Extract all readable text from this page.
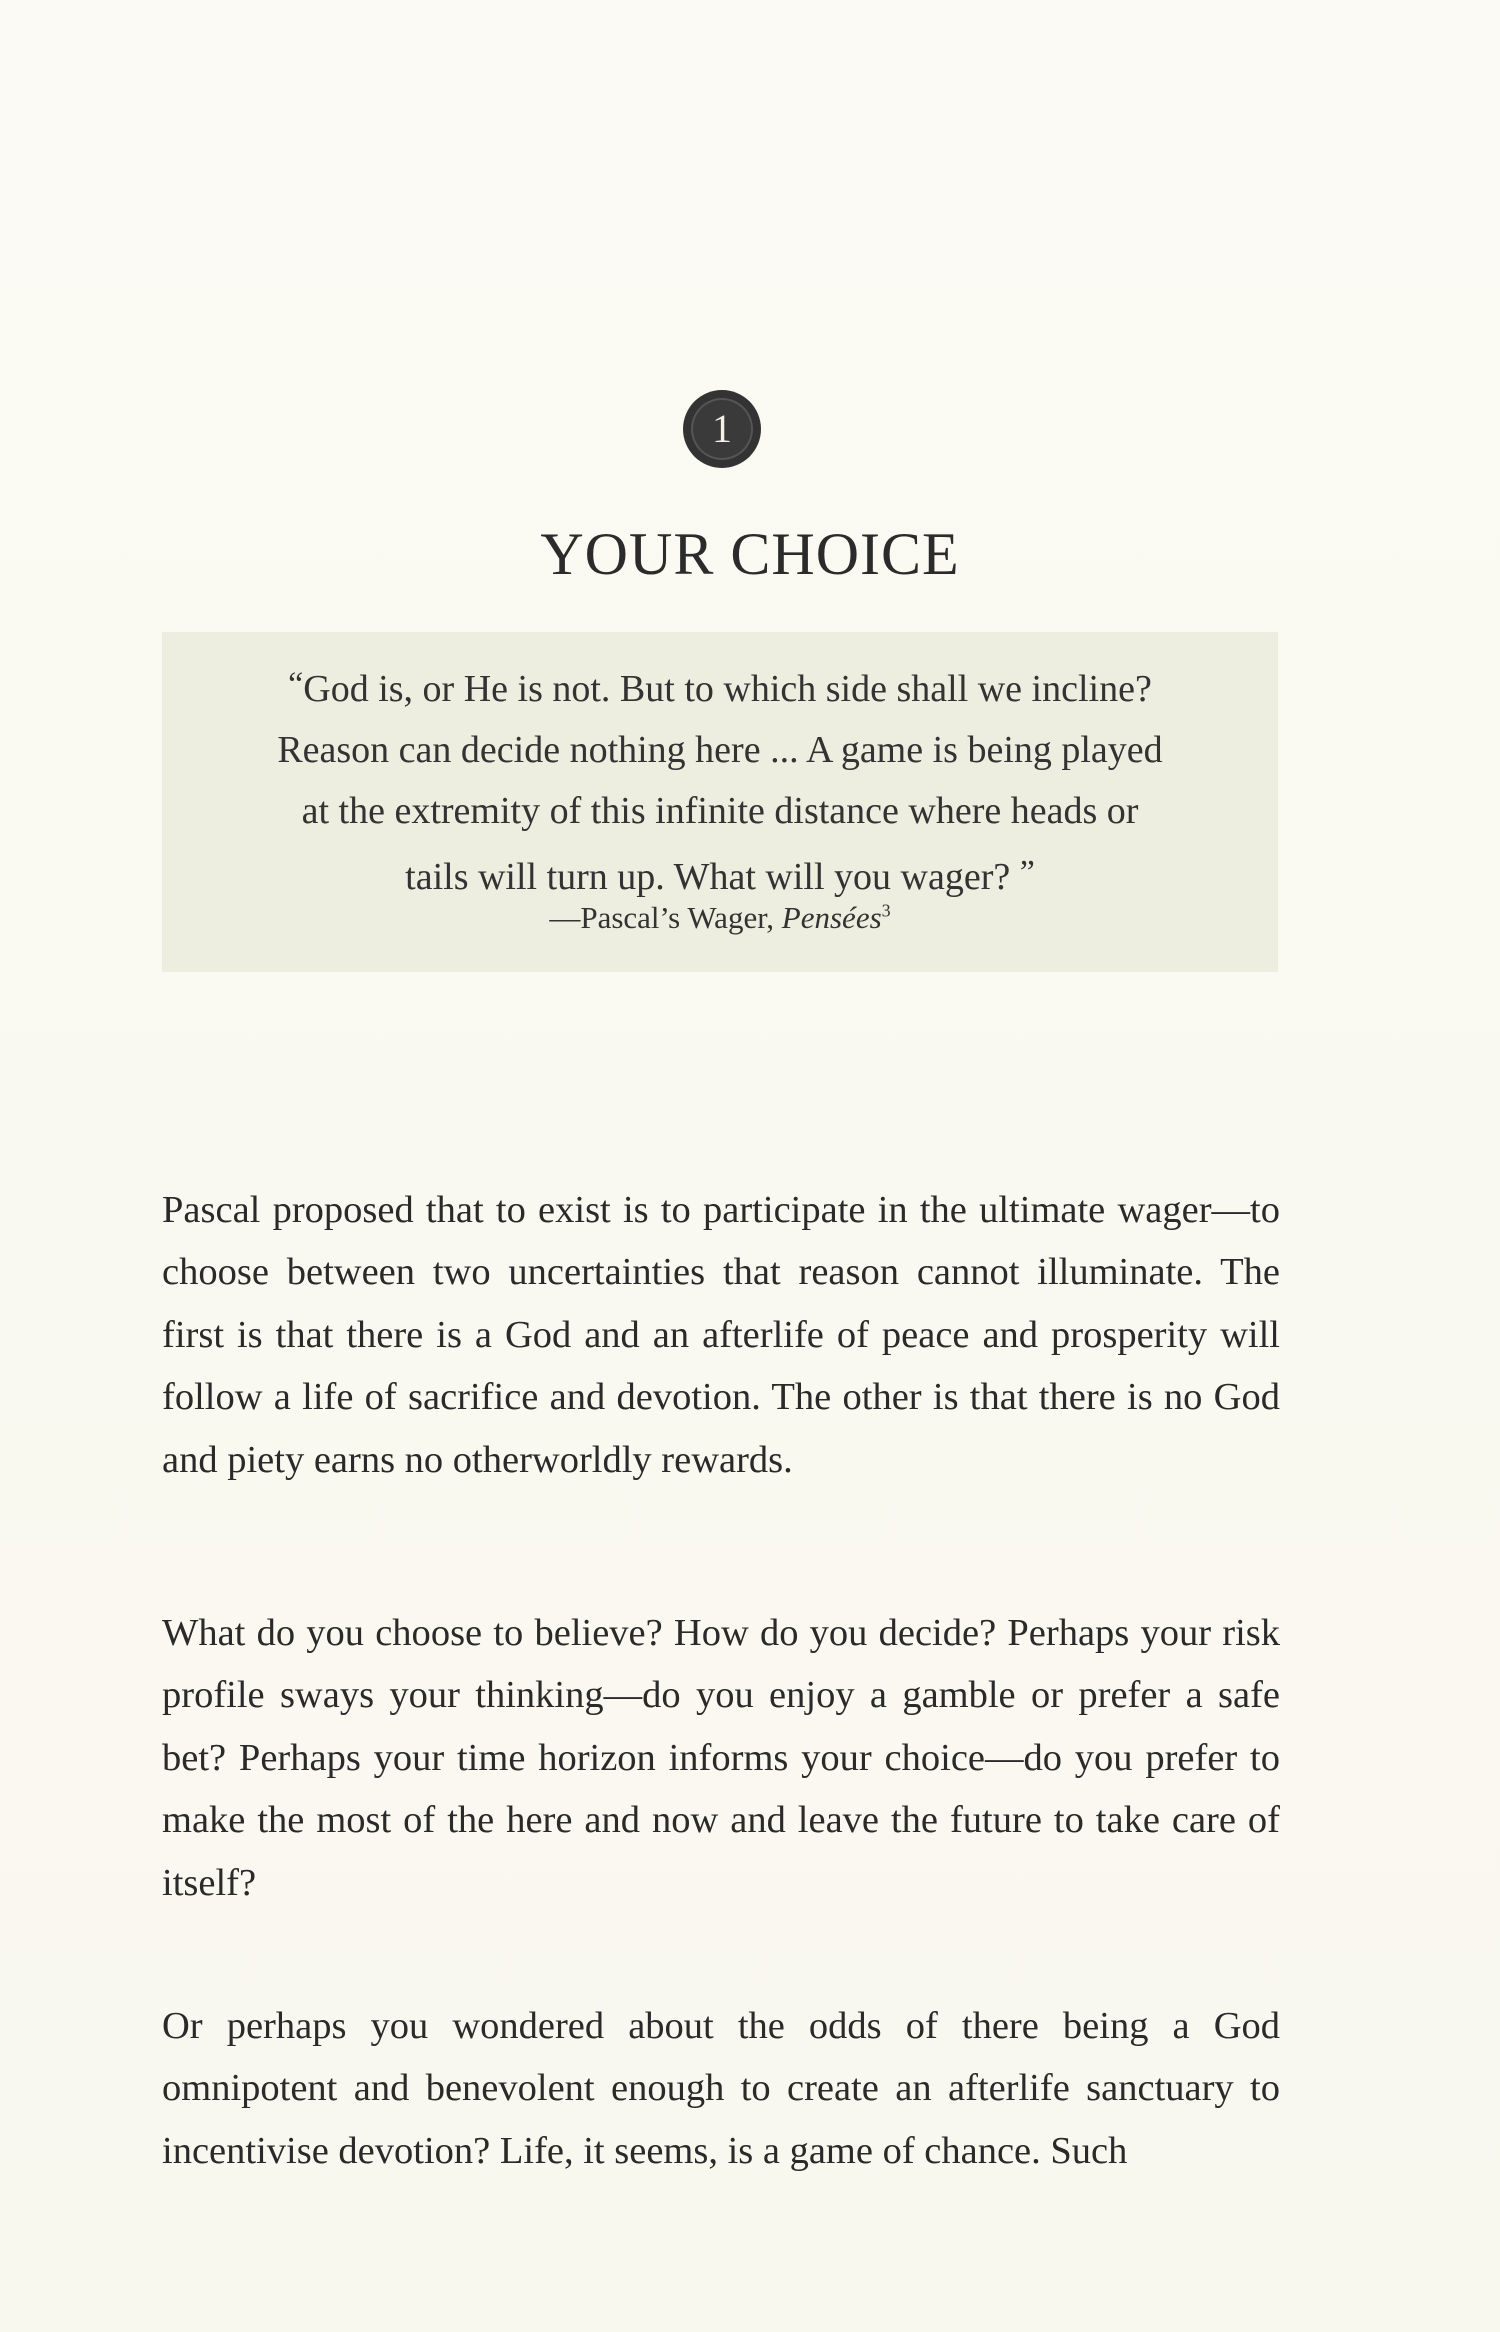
1
YOUR CHOICE
“God is, or He is not. But to which side shall we incline?
Reason can decide nothing here ... A game is being played
at the extremity of this infinite distance where heads or
tails will turn up. What will you wager? ”
—Pascal’s Wager, Pensées$^3$

Pascal proposed that to exist is to participate in the ultimate wager—to choose between two uncertainties that reason cannot illuminate. The first is that there is a God and an afterlife of peace and prosperity will follow a life of sacrifice and devotion. The other is that there is no God and piety earns no otherworldly rewards.

What do you choose to believe? How do you decide? Perhaps your risk profile sways your thinking—do you enjoy a gamble or prefer a safe bet? Perhaps your time horizon informs your choice—do you prefer to make the most of the here and now and leave the future to take care of itself?

Or perhaps you wondered about the odds of there being a God omnipotent and benevolent enough to create an afterlife sanctuary to incentivise devotion? Life, it seems, is a game of chance. Such
